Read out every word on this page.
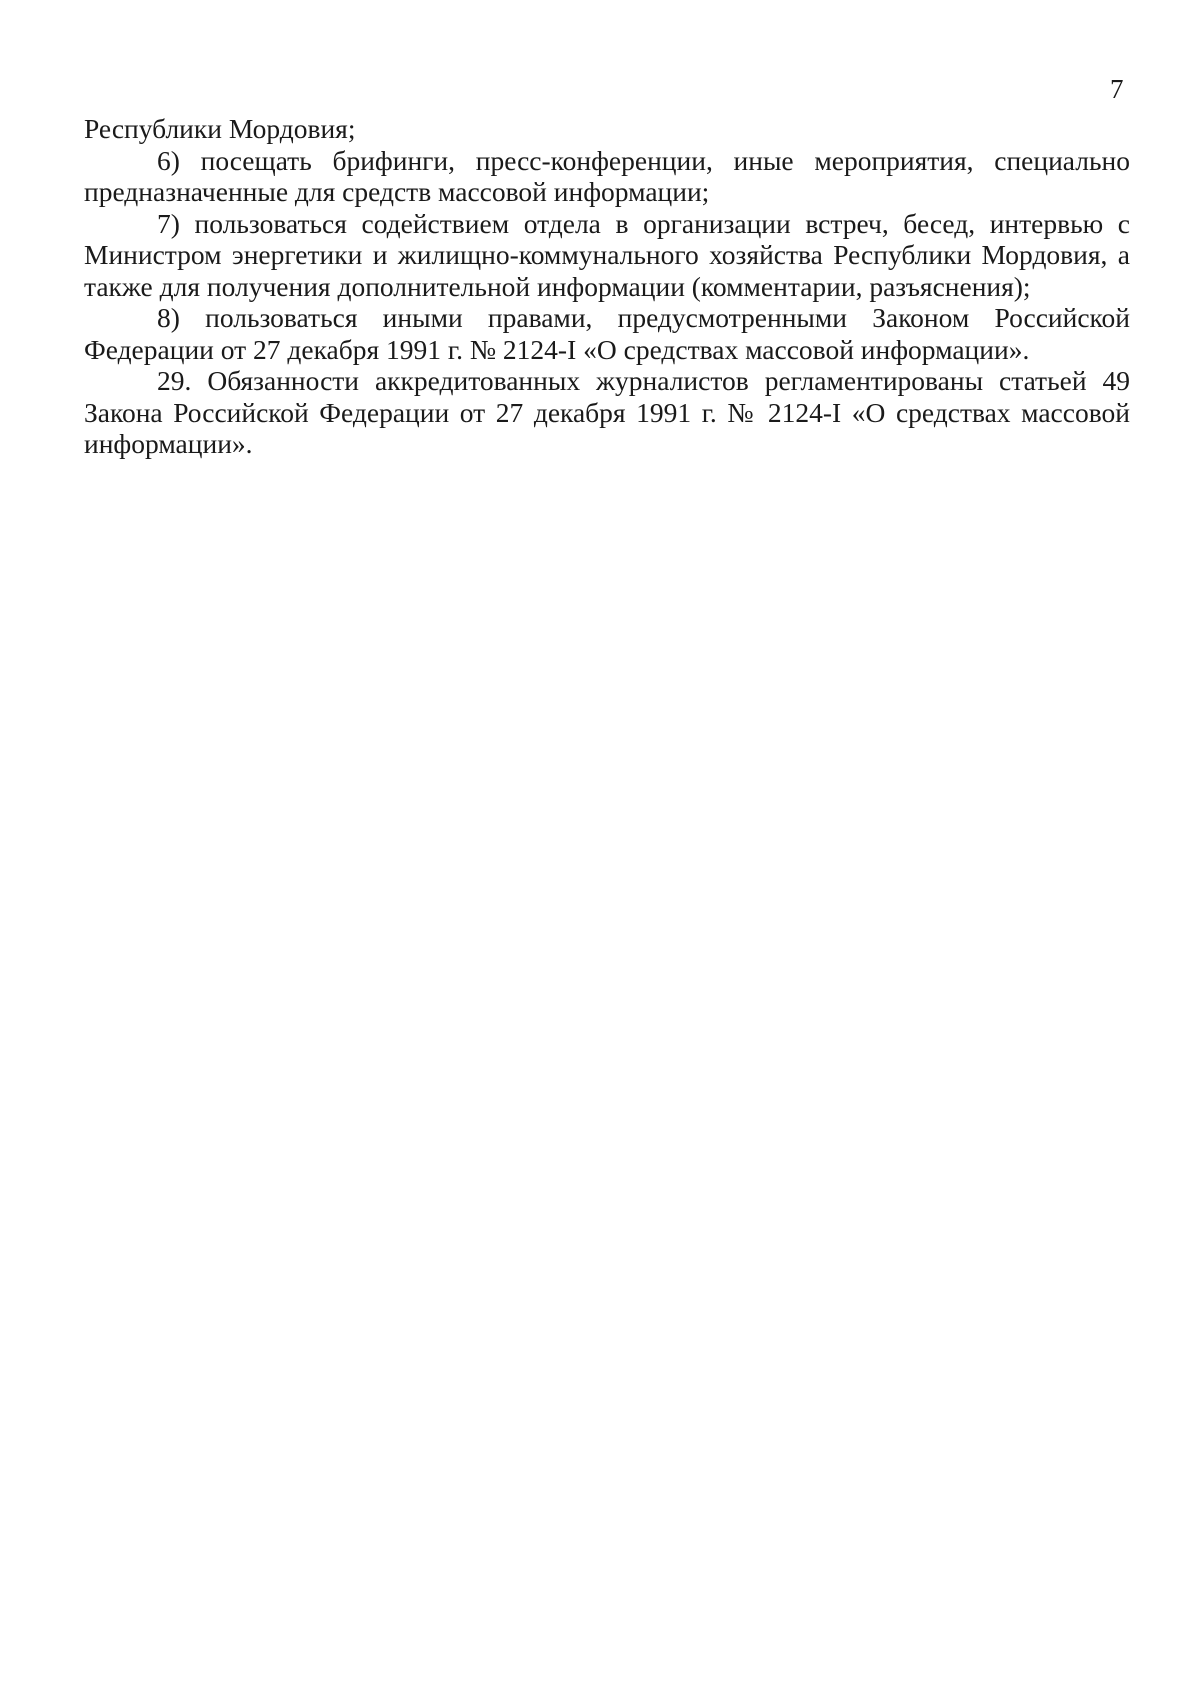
7

Республики Мордовия;

6) посещать брифинги, пресс-конференции, иные мероприятия, специально предназначенные для средств массовой информации;

7) пользоваться содействием отдела в организации встреч, бесед, интервью с Министром энергетики и жилищно-коммунального хозяйства Республики Мордовия, а также для получения дополнительной информации (комментарии, разъяснения);

8) пользоваться иными правами, предусмотренными Законом Российской Федерации от 27 декабря 1991 г. № 2124-I «О средствах массовой информации».

29. Обязанности аккредитованных журналистов регламентированы статьей 49 Закона Российской Федерации от 27 декабря 1991 г. № 2124-I «О средствах массовой информации».
